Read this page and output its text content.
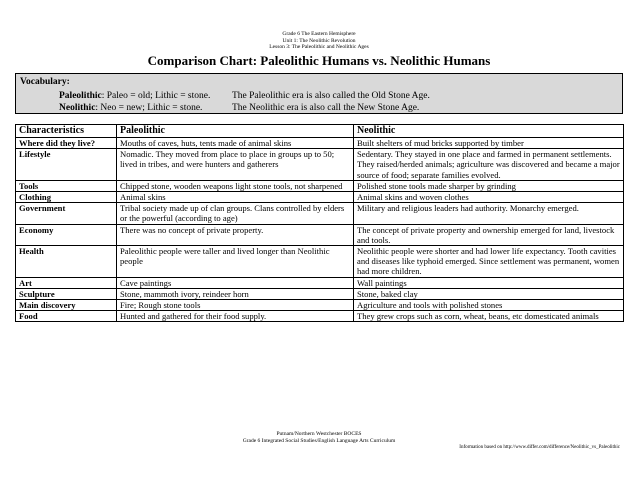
Grade 6 The Eastern Hemisphere
Unit 1: The Neolithic Revolution
Lesson 3: The Paleolithic and Neolithic Ages
Comparison Chart: Paleolithic Humans vs. Neolithic Humans
Vocabulary:
Paleolithic: Paleo = old; Lithic = stone. The Paleolithic era is also called the Old Stone Age.
Neolithic: Neo = new; Lithic = stone.	The Neolithic era is also call the New Stone Age.
Characteristics	Paleolithic	Neolithic
Where did they live?	Mouths of caves, huts, tents made of animal skins	Built shelters of mud bricks supported by timber
Lifestyle	Nomadic. They moved from place to place in groups up to 50; lived in tribes, and were hunters and gatherers	Sedentary. They stayed in one place and farmed in permanent settlements. They raised/herded animals; agriculture was discovered and became a major source of food; separate families evolved.
Tools	Chipped stone, wooden weapons light stone tools, not sharpened	Polished stone tools made sharper by grinding
Clothing	Animal skins	Animal skins and woven clothes
Government	Tribal society made up of clan groups. Clans controlled by elders or the powerful (according to age)	Military and religious leaders had authority. Monarchy emerged.
Economy	There was no concept of private property.	The concept of private property and ownership emerged for land, livestock and tools.
Health	Paleolithic people were taller and lived longer than Neolithic people	Neolithic people were shorter and had lower life expectancy. Tooth cavities and diseases like typhoid emerged. Since settlement was permanent, women had more children.
Art	Cave paintings	Wall paintings
Sculpture	Stone, mammoth ivory, reindeer horn	Stone, baked clay
Main discovery	Fire; Rough stone tools	Agriculture and tools with polished stones
Food	Hunted and gathered for their food supply.	They grew crops such as corn, wheat, beans, etc domesticated animals
Putnam/Northern Westchester BOCES
Grade 6 Integrated Social Studies/English Language Arts Curriculum
Information based on http://www.differ.com/difference/Neolithic_vs_Paleolithic
